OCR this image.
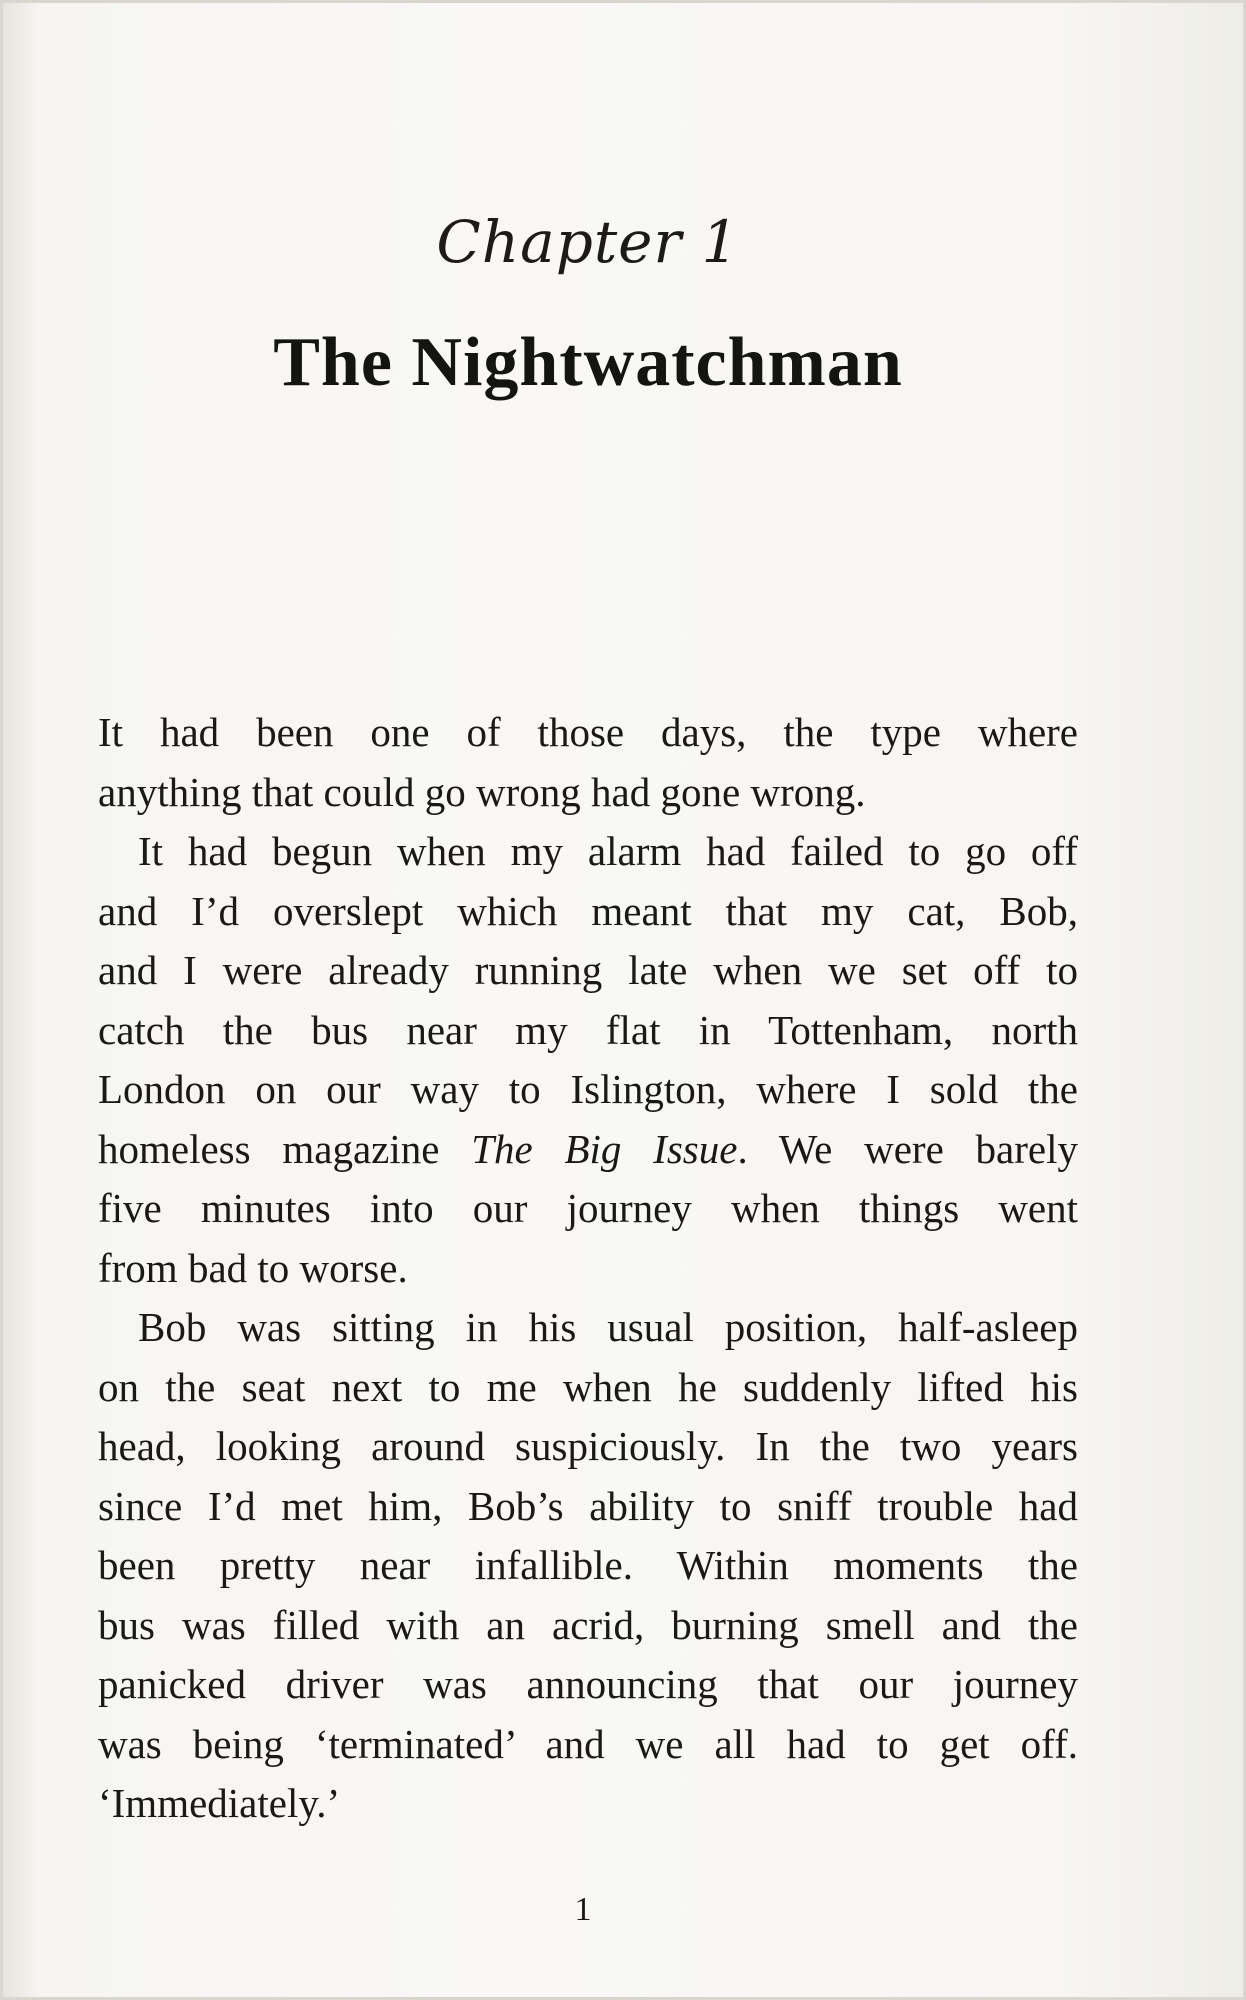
Chapter 1
The Nightwatchman
It had been one of those days, the type where
anything that could go wrong had gone wrong.
It had begun when my alarm had failed to go off
and I’d overslept which meant that my cat, Bob,
and I were already running late when we set off to
catch the bus near my flat in Tottenham, north
London on our way to Islington, where I sold the
homeless magazine The Big Issue. We were barely
five minutes into our journey when things went
from bad to worse.
Bob was sitting in his usual position, half-asleep
on the seat next to me when he suddenly lifted his
head, looking around suspiciously. In the two years
since I’d met him, Bob’s ability to sniff trouble had
been pretty near infallible. Within moments the
bus was filled with an acrid, burning smell and the
panicked driver was announcing that our journey
was being ‘terminated’ and we all had to get off.
‘Immediately.’
1
